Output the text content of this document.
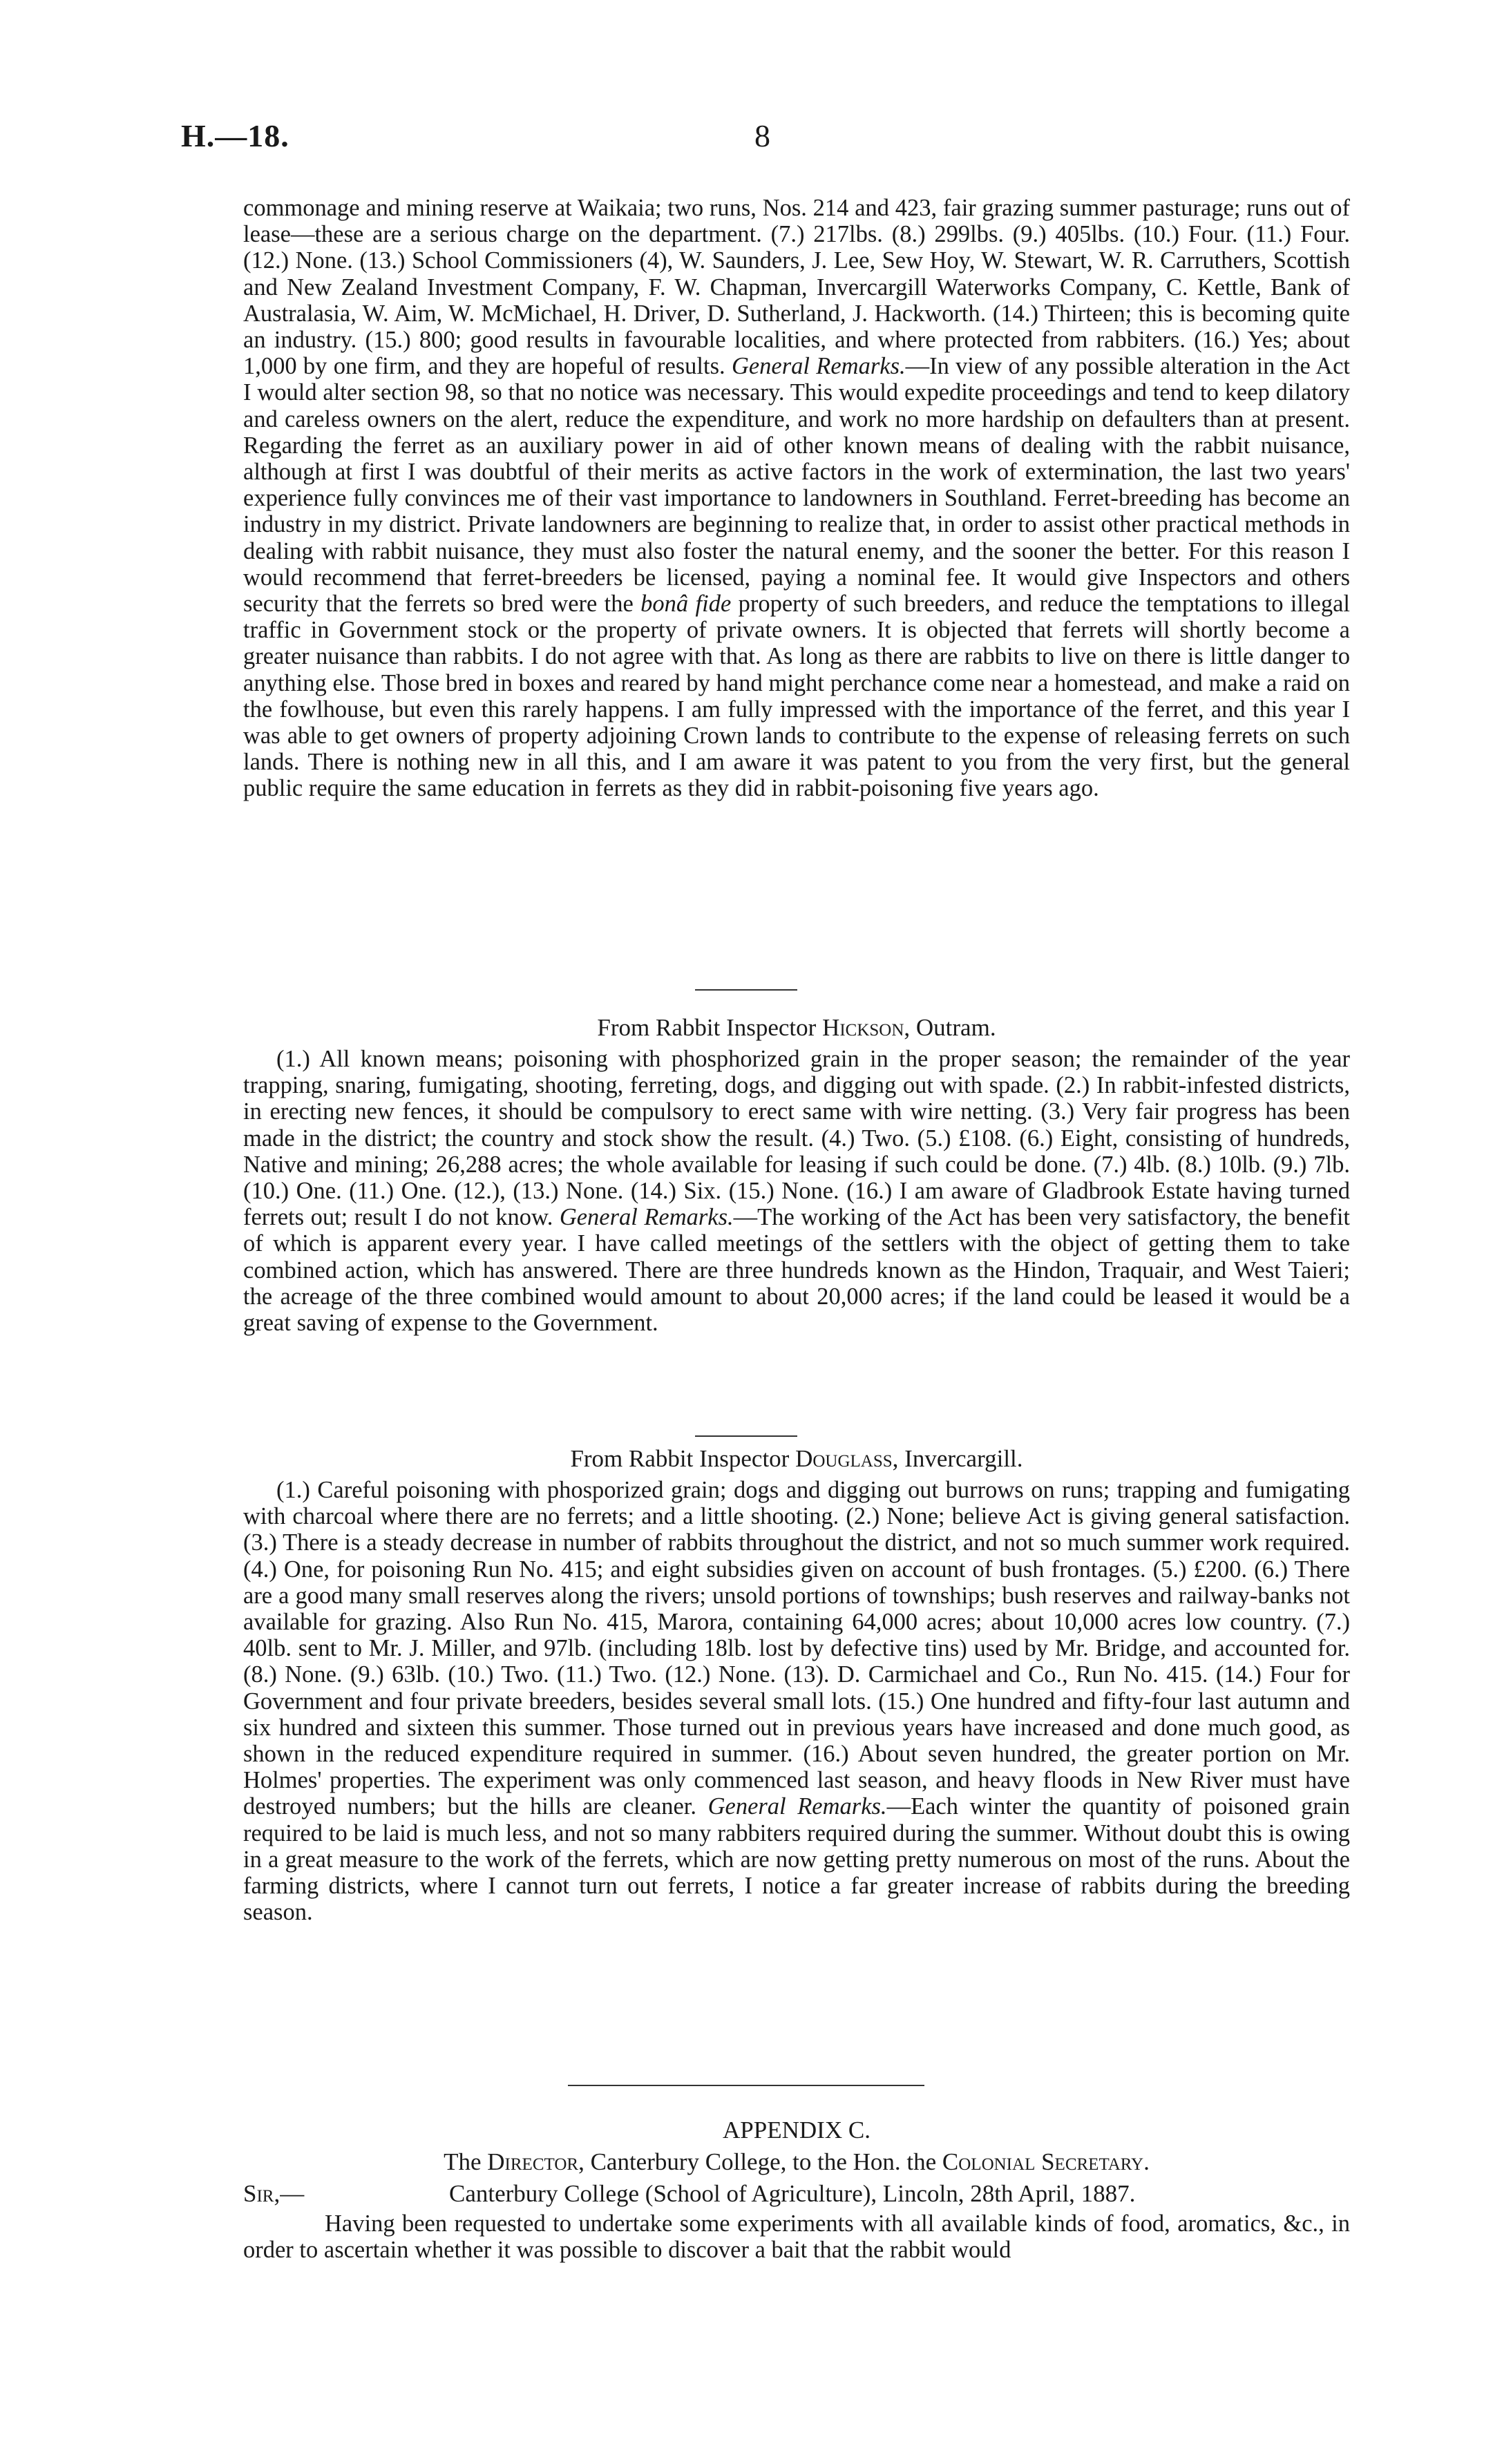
H.—18.	8

commonage and mining reserve at Waikaia; two runs, Nos. 214 and 423, fair grazing summer pasturage; runs out of lease—these are a serious charge on the department. (7.) 217lbs. (8.) 299lbs. (9.) 405lbs. (10.) Four. (11.) Four. (12.) None. (13.) School Commissioners (4), W. Saunders, J. Lee, Sew Hoy, W. Stewart, W. R. Carruthers, Scottish and New Zealand Investment Company, F. W. Chapman, Invercargill Waterworks Company, C. Kettle, Bank of Australasia, W. Aim, W. McMichael, H. Driver, D. Sutherland, J. Hackworth. (14.) Thirteen; this is becoming quite an industry. (15.) 800; good results in favourable localities, and where protected from rabbiters. (16.) Yes; about 1,000 by one firm, and they are hopeful of results. General Remarks.—In view of any possible alteration in the Act I would alter section 98, so that no notice was necessary. This would expedite proceedings and tend to keep dilatory and careless owners on the alert, reduce the expenditure, and work no more hardship on defaulters than at present. Regarding the ferret as an auxiliary power in aid of other known means of dealing with the rabbit nuisance, although at first I was doubtful of their merits as active factors in the work of extermination, the last two years' experience fully convinces me of their vast importance to landowners in Southland. Ferret-breeding has become an industry in my district. Private landowners are beginning to realize that, in order to assist other practical methods in dealing with rabbit nuisance, they must also foster the natural enemy, and the sooner the better. For this reason I would recommend that ferret-breeders be licensed, paying a nominal fee. It would give Inspectors and others security that the ferrets so bred were the bonâ fide property of such breeders, and reduce the temptations to illegal traffic in Government stock or the property of private owners. It is objected that ferrets will shortly become a greater nuisance than rabbits. I do not agree with that. As long as there are rabbits to live on there is little danger to anything else. Those bred in boxes and reared by hand might perchance come near a homestead, and make a raid on the fowlhouse, but even this rarely happens. I am fully impressed with the importance of the ferret, and this year I was able to get owners of property adjoining Crown lands to contribute to the expense of releasing ferrets on such lands. There is nothing new in all this, and I am aware it was patent to you from the very first, but the general public require the same education in ferrets as they did in rabbit-poisoning five years ago.

From Rabbit Inspector Hickson, Outram.

(1.) All known means; poisoning with phosphorized grain in the proper season; the remainder of the year trapping, snaring, fumigating, shooting, ferreting, dogs, and digging out with spade. (2.) In rabbit-infested districts, in erecting new fences, it should be compulsory to erect same with wire netting. (3.) Very fair progress has been made in the district; the country and stock show the result. (4.) Two. (5.) £108. (6.) Eight, consisting of hundreds, Native and mining; 26,288 acres; the whole available for leasing if such could be done. (7.) 4lb. (8.) 10lb. (9.) 7lb. (10.) One. (11.) One. (12.), (13.) None. (14.) Six. (15.) None. (16.) I am aware of Gladbrook Estate having turned ferrets out; result I do not know. General Remarks.—The working of the Act has been very satisfactory, the benefit of which is apparent every year. I have called meetings of the settlers with the object of getting them to take combined action, which has answered. There are three hundreds known as the Hindon, Traquair, and West Taieri; the acreage of the three combined would amount to about 20,000 acres; if the land could be leased it would be a great saving of expense to the Government.

From Rabbit Inspector Douglass, Invercargill.

(1.) Careful poisoning with phosporized grain; dogs and digging out burrows on runs; trapping and fumigating with charcoal where there are no ferrets; and a little shooting. (2.) None; believe Act is giving general satisfaction. (3.) There is a steady decrease in number of rabbits throughout the district, and not so much summer work required. (4.) One, for poisoning Run No. 415; and eight subsidies given on account of bush frontages. (5.) £200. (6.) There are a good many small reserves along the rivers; unsold portions of townships; bush reserves and railway-banks not available for grazing. Also Run No. 415, Marora, containing 64,000 acres; about 10,000 acres low country. (7.) 40lb. sent to Mr. J. Miller, and 97lb. (including 18lb. lost by defective tins) used by Mr. Bridge, and accounted for. (8.) None. (9.) 63lb. (10.) Two. (11.) Two. (12.) None. (13). D. Carmichael and Co., Run No. 415. (14.) Four for Government and four private breeders, besides several small lots. (15.) One hundred and fifty-four last autumn and six hundred and sixteen this summer. Those turned out in previous years have increased and done much good, as shown in the reduced expenditure required in summer. (16.) About seven hundred, the greater portion on Mr. Holmes' properties. The experiment was only commenced last season, and heavy floods in New River must have destroyed numbers; but the hills are cleaner. General Remarks.—Each winter the quantity of poisoned grain required to be laid is much less, and not so many rabbiters required during the summer. Without doubt this is owing in a great measure to the work of the ferrets, which are now getting pretty numerous on most of the runs. About the farming districts, where I cannot turn out ferrets, I notice a far greater increase of rabbits during the breeding season.

APPENDIX C.
The Director, Canterbury College, to the Hon. the Colonial Secretary.
Sir,—	Canterbury College (School of Agriculture), Lincoln, 28th April, 1887.

Having been requested to undertake some experiments with all available kinds of food, aromatics, &c., in order to ascertain whether it was possible to discover a bait that the rabbit would
